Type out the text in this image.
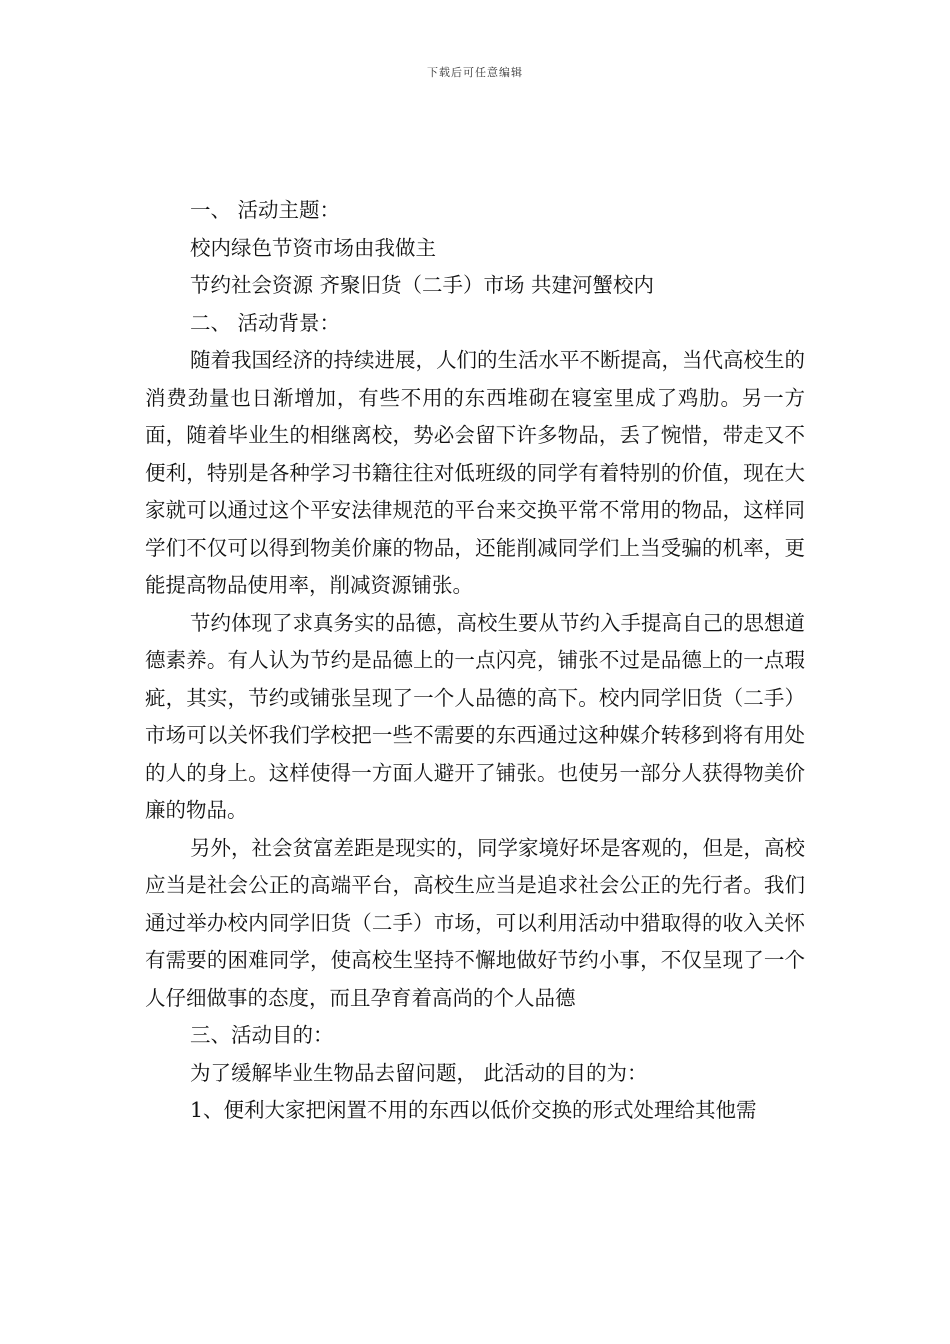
下载后可任意编辑
一、 活动主题：
校内绿色节资市场由我做主
节约社会资源 齐聚旧货（二手）市场 共建河蟹校内
二、 活动背景：

随着我国经济的持续进展，人们的生活水平不断提高，当代高校生的消费劲量也日渐增加，有些不用的东西堆砌在寝室里成了鸡肋。另一方面，随着毕业生的相继离校，势必会留下许多物品，丢了惋惜，带走又不便利，特别是各种学习书籍往往对低班级的同学有着特别的价值，现在大家就可以通过这个平安法律规范的平台来交换平常不常用的物品，这样同学们不仅可以得到物美价廉的物品，还能削减同学们上当受骗的机率，更能提高物品使用率，削减资源铺张。

节约体现了求真务实的品德，高校生要从节约入手提高自己的思想道德素养。有人认为节约是品德上的一点闪亮，铺张不过是品德上的一点瑕疵，其实，节约或铺张呈现了一个人品德的高下。校内同学旧货（二手）市场可以关怀我们学校把一些不需要的东西通过这种媒介转移到将有用处的人的身上。这样使得一方面人避开了铺张。也使另一部分人获得物美价廉的物品。

另外，社会贫富差距是现实的，同学家境好坏是客观的，但是，高校应当是社会公正的高端平台，高校生应当是追求社会公正的先行者。我们通过举办校内同学旧货（二手）市场，可以利用活动中猎取得的收入关怀有需要的困难同学，使高校生坚持不懈地做好节约小事，不仅呈现了一个人仔细做事的态度，而且孕育着高尚的个人品德

三、活动目的：
为了缓解毕业生物品去留问题， 此活动的目的为：
1、便利大家把闲置不用的东西以低价交换的形式处理给其他需
